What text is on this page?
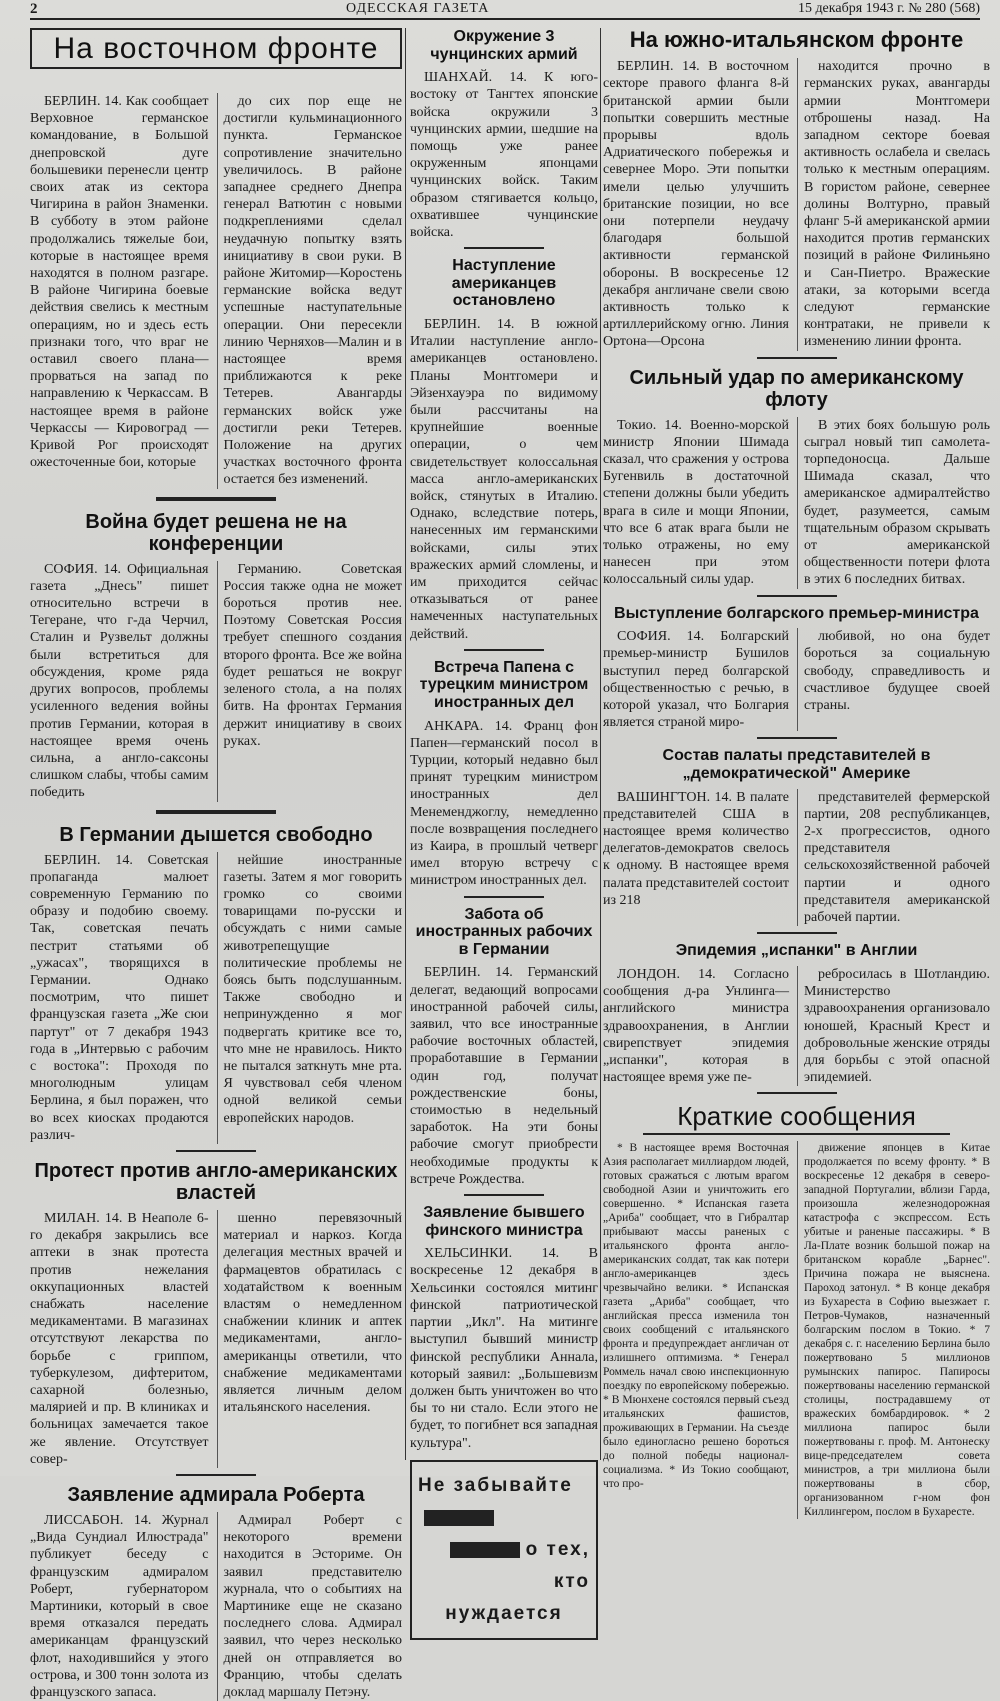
2	ОДЕССКАЯ ГАЗЕТА	15 декабря 1943 г. № 280 (568)
На восточном фронте

БЕРЛИН. 14. Как сообщает Верховное германское командование, в Большой днепровской дуге большевики перенесли центр своих атак из сектора Чигирина в район Знаменки. В субботу в этом районе продолжались тяжелые бои, которые в настоящее время находятся в полном разгаре. В районе Чигирина боевые действия свелись к местным операциям, но и здесь есть признаки того, что враг не оставил своего плана—прорваться на запад по направлению к Черкассам. В настоящее время в районе Черкассы — Кировоград — Кривой Рог происходят ожесточенные бои, которые

до сих пор еще не достигли кульминационного пункта. Германское сопротивление значительно увеличилось. В районе западнее среднего Днепра генерал Ватютин с новыми подкреплениями сделал неудачную попытку взять инициативу в свои руки. В районе Житомир—Коростень германские войска ведут успешные наступательные операции. Они пересекли линию Черняхов—Малин и в настоящее время приближаются к реке Тетерев. Авангарды германских войск уже достигли реки Тетерев. Положение на других участках восточного фронта остается без изменений.

Война будет решена не на конференции

СОФИЯ. 14. Официальная газета „Днесь" пишет относительно встречи в Тегеране, что г-да Черчил, Сталин и Рузвельт должны были встретиться для обсуждения, кроме ряда других вопросов, проблемы усиленного ведения войны против Германии, которая в настоящее время очень сильна, а англо-саксоны слишком слабы, чтобы самим победить

Германию. Советская Россия также одна не может бороться против нее. Поэтому Советская Россия требует спешного создания второго фронта. Все же война будет решаться не вокруг зеленого стола, а на полях битв. На фронтах Германия держит инициативу в своих руках.

В Германии дышется свободно

БЕРЛИН. 14. Советская пропаганда малюет современную Германию по образу и подобию своему. Так, советская печать пестрит статьями об „ужасах", творящихся в Германии. Однако посмотрим, что пишет французская газета „Же сюи партут" от 7 декабря 1943 года в „Интервью с рабочим с востока": Проходя по многолюдным улицам Берлина, я был поражен, что во всех киосках продаются различ-

нейшие иностранные газеты. Затем я мог говорить громко со своими товарищами по-русски и обсуждать с ними самые животрепещущие политические проблемы не боясь быть подслушанным. Также свободно и непринужденно я мог подвергать критике все то, что мне не нравилось. Никто не пытался заткнуть мне рта. Я чувствовал себя членом одной великой семьи европейских народов.

Протест против англо-американских властей

МИЛАН. 14. В Неаполе 6-го декабря закрылись все аптеки в знак протеста против нежелания оккупационных властей снабжать население медикаментами. В магазинах отсутствуют лекарства по борьбе с гриппом, туберкулезом, дифтеритом, сахарной болезнью, малярией и пр. В клиниках и больницах замечается такое же явление. Отсутствует совер-

шенно перевязочный материал и наркоз. Когда делегация местных врачей и фармацевтов обратилась с ходатайством к военным властям о немедленном снабжении клиник и аптек медикаментами, англо-американцы ответили, что снабжение медикаментами является личным делом итальянского населения.

Заявление адмирала Роберта

ЛИССАБОН. 14. Журнал „Вида Сундиал Илюстрада" публикует беседу с французским адмиралом Роберт, губернатором Мартиники, который в свое время отказался передать американцам французский флот, находившийся у этого острова, и 300 тонн золота из французского запаса.

Адмирал Роберт с некоторого времени находится в Эсториме. Он заявил представителю журнала, что о событиях на Мартинике еще не сказано последнего слова. Адмирал заявил, что через несколько дней он отправляется во Францию, чтобы сделать доклад маршалу Петэну.

Окружение 3 чунцинских армий

ШАНХАЙ. 14. К юго-востоку от Тангтех японские войска окружили 3 чунцинских армии, шедшие на помощь уже ранее окруженным японцами чунцинских войск. Таким образом стягивается кольцо, охватившее чунцинские войска.

Наступление американцев остановлено

БЕРЛИН. 14. В южной Италии наступление англо-американцев остановлено. Планы Монтгомери и Эйзенхауэра по видимому были рассчитаны на крупнейшие военные операции, о чем свидетельствует колоссальная масса англо-американских войск, стянутых в Италию. Однако, вследствие потерь, нанесенных им германскими войсками, силы этих вражеских армий сломлены, и им приходится сейчас отказываться от ранее намеченных наступательных действий.

Встреча Папена с турецким министром иностранных дел

АНКАРА. 14. Франц фон Папен—германский посол в Турции, который недавно был принят турецким министром иностранных дел Менеменджоглу, немедленно после возвращения последнего из Каира, в прошлый четверг имел вторую встречу с министром иностранных дел.

Забота об иностранных рабочих в Германии

БЕРЛИН. 14. Германский делегат, ведающий вопросами иностранной рабочей силы, заявил, что все иностранные рабочие восточных областей, проработавшие в Германии один год, получат рождественские боны, стоимостью в недельный заработок. На эти боны рабочие смогут приобрести необходимые продукты к встрече Рождества.

Заявление бывшего финского министра

ХЕЛЬСИНКИ. 14. В воскресенье 12 декабря в Хельсинки состоялся митинг финской патриотической партии „Икл". На митинге выступил бывший министр финской республики Анналa, который заявил: „Большевизм должен быть уничтожен во что бы то ни стало. Если этого не будет, то погибнет вся западная культура".

Не забывайте
о тех, кто
нуждается
На южно-итальянском фронте

БЕРЛИН. 14. В восточном секторе правого фланга 8-й британской армии были попытки совершить местные прорывы вдоль Адриатического побережья и севернее Моро. Эти попытки имели целью улучшить британские позиции, но все они потерпели неудачу благодаря большой активности германской обороны. В воскресенье 12 декабря англичане свели свою активность только к артиллерийскому огню. Линия Ортона—Орсона

находится прочно в германских руках, авангарды армии Монтгомери отброшены назад. На западном секторе боевая активность ослабела и свелась только к местным операциям. В гористом районе, севернее долины Волтурно, правый фланг 5-й американской армии находится против германских позиций в районе Филиньяно и Сан-Пиетро. Вражеские атаки, за которыми всегда следуют германские контратаки, не привели к изменению линии фронта.

Сильный удар по американскому флоту

Токио. 14. Военно-морской министр Японии Шимада сказал, что сражения у острова Бугенвиль в достаточной степени должны были убедить врага в силе и мощи Японии, что все 6 атак врага были не только отражены, но ему нанесен при этом колоссальный силы удар.

В этих боях большую роль сыграл новый тип самолета-торпедоносца. Дальше Шимада сказал, что американское адмиралтейство будет, разумеется, самым тщательным образом скрывать от американской общественности потери флота в этих 6 последних битвах.

Выступление болгарского премьер-министра

СОФИЯ. 14. Болгарский премьер-министр Бушилов выступил перед болгарской общественностью с речью, в которой указал, что Болгария является страной миро-

любивой, но она будет бороться за социальную свободу, справедливость и счастливое будущее своей страны.

Состав палаты представителей в „демократической" Америке

ВАШИНГТОН. 14. В палате представителей США в настоящее время количество делегатов-демократов свелось к одному. В настоящее время палата представителей состоит из 218

представителей фермерской партии, 208 республиканцев, 2-х прогрессистов, одного представителя сельскохозяйственной рабочей партии и одного представителя американской рабочей партии.

Эпидемия „испанки" в Англии

ЛОНДОН. 14. Согласно сообщения д-ра Унлинга—английского министра здравоохранения, в Англии свирепствует эпидемия „испанки", которая в настоящее время уже пе-

ребросилась в Шотландию. Министерство здравоохранения организовало юношей, Красный Крест и добровольные женские отряды для борьбы с этой опасной эпидемией.

Краткие сообщения

* В настоящее время Восточная Азия располагает миллиардом людей, готовых сражаться с лютым врагом свободной Азии и уничтожить его совершенно. * Испанская газета „Ариба" сообщает, что в Гибралтар прибывают массы раненых с итальянского фронта англо-американских солдат, так как потери англо-американцев здесь чрезвычайно велики. * Испанская газета „Ариба" сообщает, что английская пресса изменила тон своих сообщений с итальянского фронта и предупреждает англичан от излишнего оптимизма. * Генерал Роммель начал свою инспекционную поездку по европейскому побережью. * В Мюнхене состоялся первый съезд итальянских фашистов, проживающих в Германии. На съезде было единогласно решено бороться до полной победы национал-социализма. * Из Токио сообщают, что про-

движение японцев в Китае продолжается по всему фронту. * В воскресенье 12 декабря в северо-западной Португалии, вблизи Гарда, произошла железнодорожная катастрофа с экспрессом. Есть убитые и раненые пассажиры. * В Ла-Плате возник большой пожар на британском корабле „Барнес". Причина пожара не выяснена. Пароход затонул. * В конце декабря из Бухареста в Софию выезжает г. Петров-Чумаков, назначенный болгарским послом в Токио. * 7 декабря с. г. населению Берлина было пожертвовано 5 миллионов румынских папирос. Папиросы пожертвованы населению германской столицы, пострадавшему от вражеских бомбардировок. * 2 миллиона папирос были пожертвованы г. проф. М. Антонеску вице-председателем совета министров, а три миллиона были пожертвованы в сбор, организованном г-ном фон Киллингером, послом в Бухаресте.
